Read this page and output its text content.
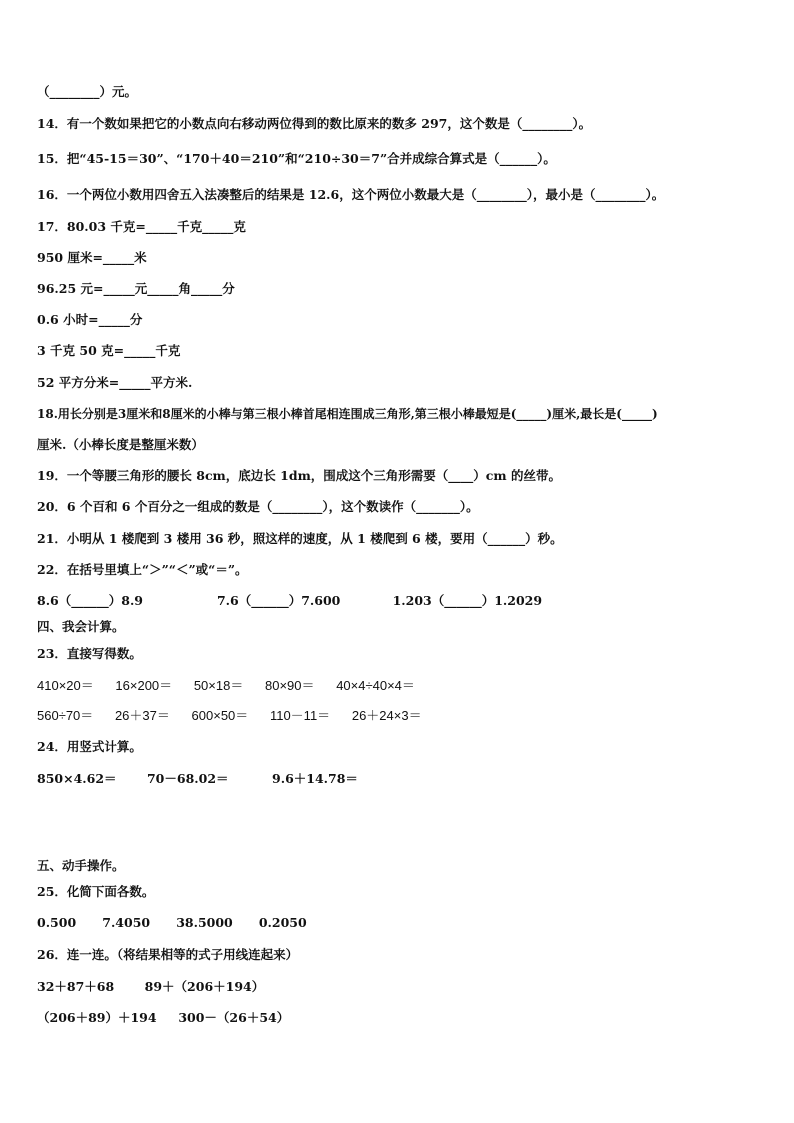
（________）元。
14．有一个数如果把它的小数点向右移动两位得到的数比原来的数多 297，这个数是（________）。
15．把“45-15＝30”、“170＋40＝210”和“210÷30＝7”合并成综合算式是（______）。
16．一个两位小数用四舍五入法凑整后的结果是 12.6，这个两位小数最大是（________），最小是（________）。
17．80.03 千克=_____千克_____克
950 厘米=_____米
96.25 元=_____元_____角_____分
0.6 小时=_____分
3 千克 50 克=_____千克
52 平方分米=_____平方米.
18.用长分别是3厘米和8厘米的小棒与第三根小棒首尾相连围成三角形,第三根小棒最短是(_____)厘米,最长是(_____)
厘米.（小棒长度是整厘米数）
19．一个等腰三角形的腰长 8cm，底边长 1dm，围成这个三角形需要（____）cm 的丝带。
20．6 个百和 6 个百分之一组成的数是（________），这个数读作（_______）。
21．小明从 1 楼爬到 3 楼用 36 秒，照这样的速度，从 1 楼爬到 6 楼，要用（______）秒。
22．在括号里填上“＞”“＜”或“＝”。
8.6（______）8.9                 7.6（______）7.600            1.203（______）1.2029
四、我会计算。
23．直接写得数。
410×20＝      16×200＝      50×18＝      80×90＝      40×4÷40×4＝
560÷70＝      26＋37＝      600×50＝      110－11＝      26＋24×3＝
24．用竖式计算。
850×4.62＝       70－68.02＝          9.6＋14.78＝
五、动手操作。
25．化简下面各数。
0.500      7.4050      38.5000      0.2050
26．连一连。（将结果相等的式子用线连起来）
32＋87＋68       89＋（206＋194）
（206＋89）＋194     300－（26＋54）
